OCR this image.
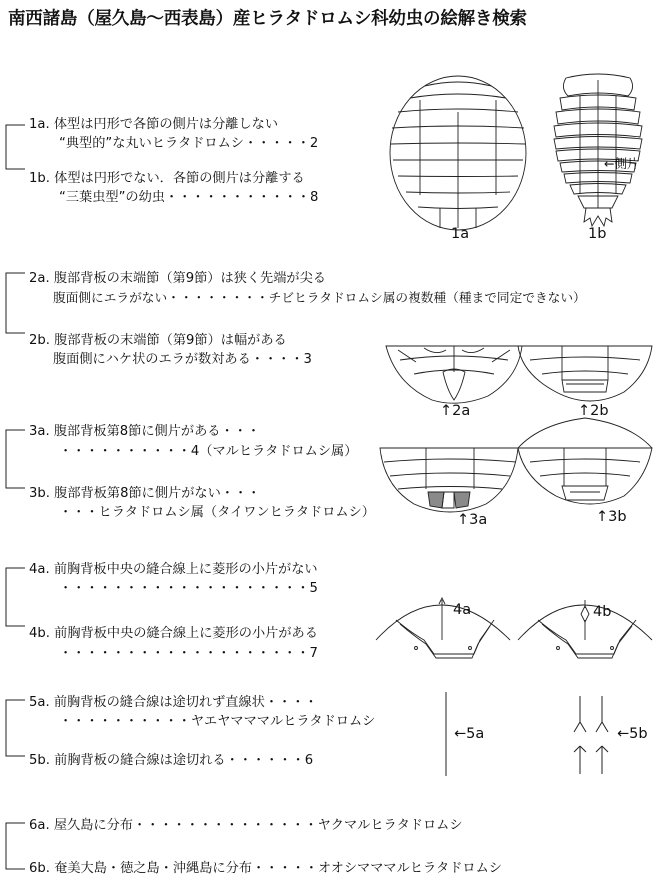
南西諸島（屋久島～西表島）産ヒラタドロムシ科幼虫の絵解き検索
1a. 体型は円形で各節の側片は分離しない
“典型的”な丸いヒラタドロムシ・・・・・2
1b. 体型は円形でない．各節の側片は分離する
“三葉虫型”の幼虫・・・・・・・・・・・8
2a. 腹部背板の末端節（第9節）は狭く先端が尖る
腹面側にエラがない・・・・・・・・チビヒラタドロムシ属の複数種（種まで同定できない）
2b. 腹部背板の末端節（第9節）は幅がある
腹面側にハケ状のエラが数対ある・・・・3
3a. 腹部背板第8節に側片がある・・・
・・・・・・・・・・4（マルヒラタドロムシ属）
3b. 腹部背板第8節に側片がない・・・
・・・ヒラタドロムシ属（タイワンヒラタドロムシ）
4a. 前胸背板中央の縫合線上に菱形の小片がない
・・・・・・・・・・・・・・・・・・・5
4b. 前胸背板中央の縫合線上に菱形の小片がある
・・・・・・・・・・・・・・・・・・・7
5a. 前胸背板の縫合線は途切れず直線状・・・・
・・・・・・・・・・ヤエヤマママルヒラタドロムシ
5b. 前胸背板の縫合線は途切れる・・・・・・6
6a. 屋久島に分布・・・・・・・・・・・・・・ヤクマルヒラタドロムシ
6b. 奄美大島・徳之島・沖縄島に分布・・・・・オオシマママルヒラタドロムシ
1a	1b
←側片
↑2a	↑2b
↑3a	↑3b
4a	4b
←5a	←5b
